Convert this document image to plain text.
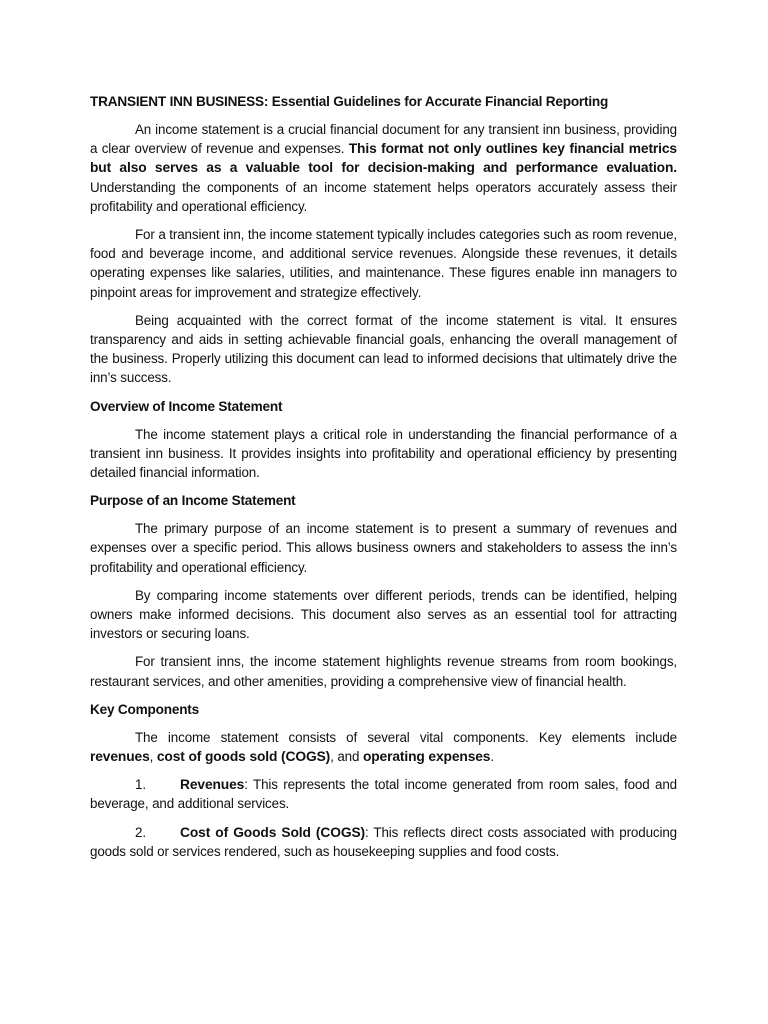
TRANSIENT INN BUSINESS: Essential Guidelines for Accurate Financial Reporting

An income statement is a crucial financial document for any transient inn business, providing a clear overview of revenue and expenses. This format not only outlines key financial metrics but also serves as a valuable tool for decision-making and performance evaluation. Understanding the components of an income statement helps operators accurately assess their profitability and operational efficiency.

For a transient inn, the income statement typically includes categories such as room revenue, food and beverage income, and additional service revenues. Alongside these revenues, it details operating expenses like salaries, utilities, and maintenance. These figures enable inn managers to pinpoint areas for improvement and strategize effectively.

Being acquainted with the correct format of the income statement is vital. It ensures transparency and aids in setting achievable financial goals, enhancing the overall management of the business. Properly utilizing this document can lead to informed decisions that ultimately drive the inn’s success.

Overview of Income Statement

The income statement plays a critical role in understanding the financial performance of a transient inn business. It provides insights into profitability and operational efficiency by presenting detailed financial information.

Purpose of an Income Statement

The primary purpose of an income statement is to present a summary of revenues and expenses over a specific period. This allows business owners and stakeholders to assess the inn’s profitability and operational efficiency.

By comparing income statements over different periods, trends can be identified, helping owners make informed decisions. This document also serves as an essential tool for attracting investors or securing loans.

For transient inns, the income statement highlights revenue streams from room bookings, restaurant services, and other amenities, providing a comprehensive view of financial health.

Key Components

The income statement consists of several vital components. Key elements include revenues, cost of goods sold (COGS), and operating expenses.

1. Revenues: This represents the total income generated from room sales, food and beverage, and additional services.
2. Cost of Goods Sold (COGS): This reflects direct costs associated with producing goods sold or services rendered, such as housekeeping supplies and food costs.
